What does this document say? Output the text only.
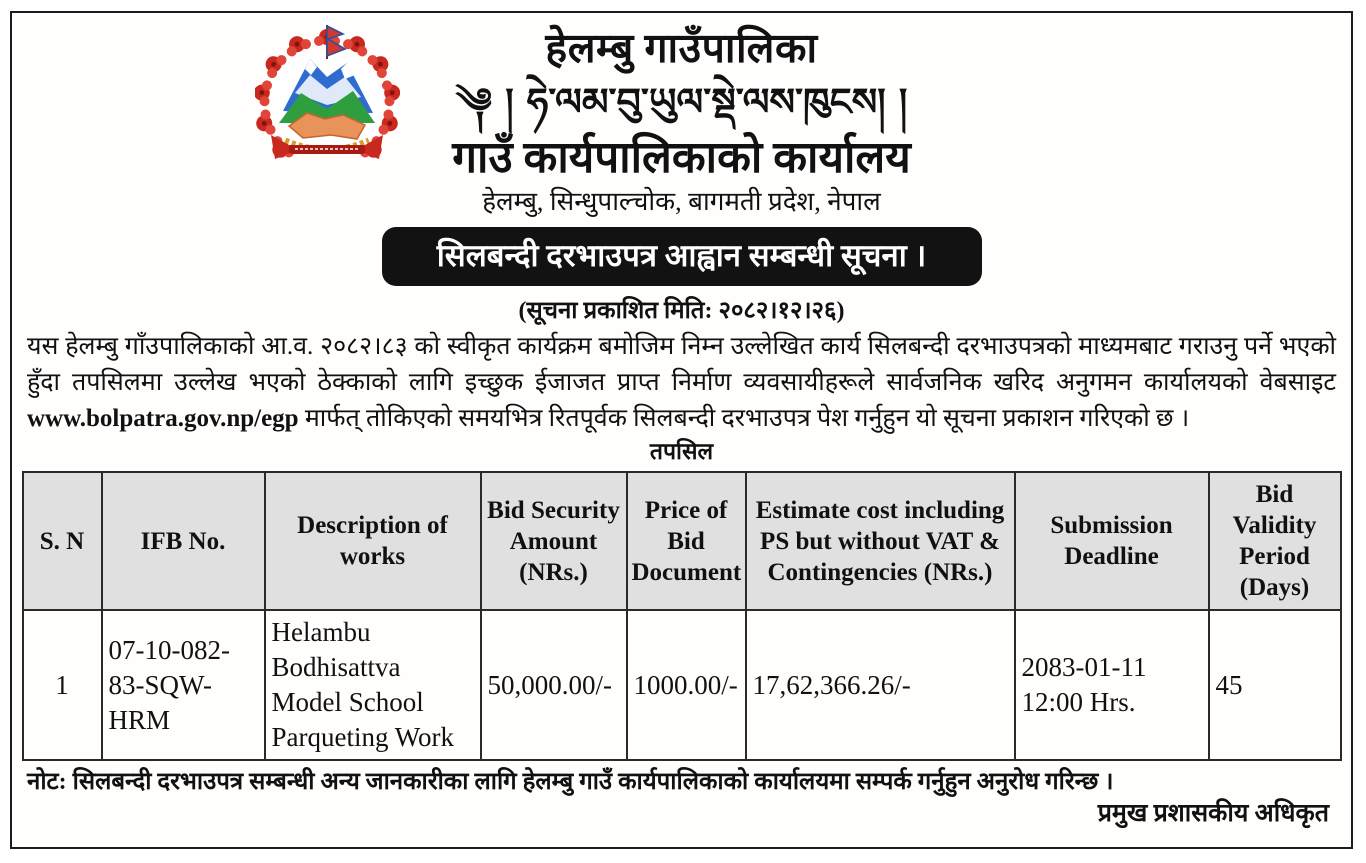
हेलम्बु गाउँपालिका
༆ ། ཧེ་ལམ་བུ་ཡུལ་སྡེ་ལས་ཁུངས། །
गाउँ कार्यपालिकाको कार्यालय
हेलम्बु, सिन्धुपाल्चोक, बागमती प्रदेश, नेपाल
सिलबन्दी दरभाउपत्र आह्वान सम्बन्धी सूचना ।
(सूचना प्रकाशित मिति: २०८२।१२।२६)
यस हेलम्बु गाँउपालिकाको आ.व. २०८२।८३ को स्वीकृत कार्यक्रम बमोजिम निम्न उल्लेखित कार्य सिलबन्दी दरभाउपत्रको माध्यमबाट गराउनु पर्ने भएको हुँदा तपसिलमा उल्लेख भएको ठेक्काको लागि इच्छुक ईजाजत प्राप्त निर्माण व्यवसायीहरूले सार्वजनिक खरिद अनुगमन कार्यालयको वेबसाइट www.bolpatra.gov.np/egp मार्फत् तोकिएको समयभित्र रितपूर्वक सिलबन्दी दरभाउपत्र पेश गर्नुहुन यो सूचना प्रकाशन गरिएको छ ।
तपसिल
S. N	IFB No.	Description of works	Bid Security Amount (NRs.)	Price of Bid Document	Estimate cost including PS but without VAT & Contingencies (NRs.)	Submission Deadline	Bid Validity Period (Days)
1	07-10-082-83-SQW-HRM	Helambu Bodhisattva Model School Parqueting Work	50,000.00/-	1000.00/-	17,62,366.26/-	2083-01-11 12:00 Hrs.	45
नोट: सिलबन्दी दरभाउपत्र सम्बन्धी अन्य जानकारीका लागि हेलम्बु गाउँ कार्यपालिकाको कार्यालयमा सम्पर्क गर्नुहुन अनुरोध गरिन्छ ।
प्रमुख प्रशासकीय अधिकृत
